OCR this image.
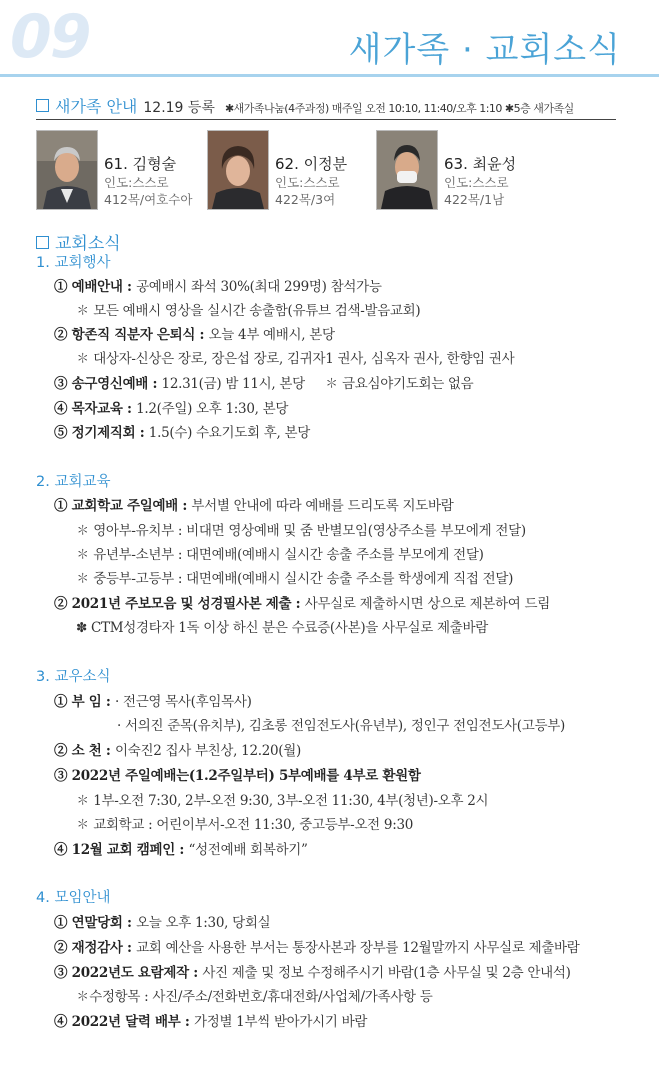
09	새가족 · 교회소식
새가족 안내 12.19 등록 ✱새가족나눔(4주과정) 매주일 오전 10:10, 11:40/오후 1:10 ✱5층 새가족실
61. 김형술
인도:스스로
412목/여호수아
62. 이정분
인도:스스로
422목/3여
63. 최윤성
인도:스스로
422목/1남
교회소식
1. 교회행사
① 예배안내 : 공예배시 좌석 30%(최대 299명) 참석가능
✽ 모든 예배시 영상을 실시간 송출함(유튜브 검색-발음교회)
② 항존직 직분자 은퇴식 : 오늘 4부 예배시, 본당
✽ 대상자-신상은 장로, 장은섭 장로, 김귀자1 권사, 심옥자 권사, 한향임 권사
③ 송구영신예배 : 12.31(금) 밤 11시, 본당     ✽ 금요심야기도회는 없음
④ 목자교육 : 1.2(주일) 오후 1:30, 본당
⑤ 정기제직회 : 1.5(수) 수요기도회 후, 본당
2. 교회교육
① 교회학교 주일예배 : 부서별 안내에 따라 예배를 드리도록 지도바람
✽ 영아부-유치부 : 비대면 영상예배 및 줌 반별모임(영상주소를 부모에게 전달)
✽ 유년부-소년부 : 대면예배(예배시 실시간 송출 주소를 부모에게 전달)
✽ 중등부-고등부 : 대면예배(예배시 실시간 송출 주소를 학생에게 직접 전달)
② 2021년 주보모음 및 성경필사본 제출 : 사무실로 제출하시면 상으로 제본하여 드림
✽ CTM성경타자 1독 이상 하신 분은 수료증(사본)을 사무실로 제출바람
3. 교우소식
① 부 임 : · 전근영 목사(후임목사)
· 서의진 준목(유치부), 김초롱 전임전도사(유년부), 정인구 전임전도사(고등부)
② 소 천 : 이숙진2 집사 부친상, 12.20(월)
③ 2022년 주일예배는(1.2주일부터) 5부예배를 4부로 환원함
✽ 1부-오전 7:30, 2부-오전 9:30, 3부-오전 11:30, 4부(청년)-오후 2시
✽ 교회학교 : 어린이부서-오전 11:30, 중고등부-오전 9:30
④ 12월 교회 캠페인 : “성전예배 회복하기”
4. 모임안내
① 연말당회 : 오늘 오후 1:30, 당회실
② 재정감사 : 교회 예산을 사용한 부서는 통장사본과 장부를 12월말까지 사무실로 제출바람
③ 2022년도 요람제작 : 사진 제출 및 정보 수정해주시기 바람(1층 사무실 및 2층 안내석)
✽수정항목 : 사진/주소/전화번호/휴대전화/사업체/가족사항 등
④ 2022년 달력 배부 : 가정별 1부씩 받아가시기 바람
